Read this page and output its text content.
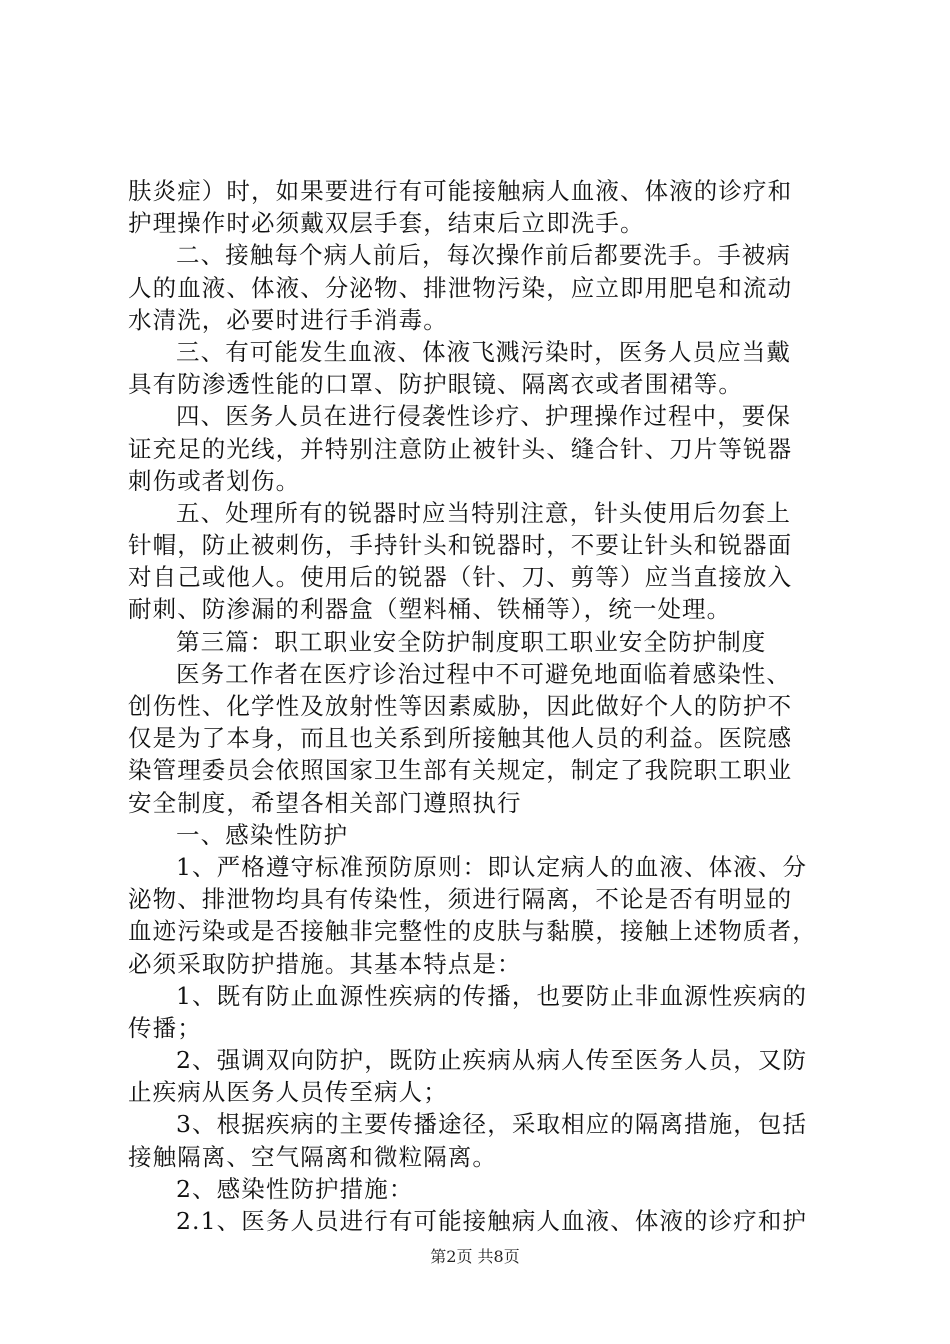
肤炎症）时，如果要进行有可能接触病人血液、体液的诊疗和
护理操作时必须戴双层手套，结束后立即洗手。
二、接触每个病人前后，每次操作前后都要洗手。手被病
人的血液、体液、分泌物、排泄物污染，应立即用肥皂和流动
水清洗，必要时进行手消毒。
三、有可能发生血液、体液飞溅污染时，医务人员应当戴
具有防渗透性能的口罩、防护眼镜、隔离衣或者围裙等。
四、医务人员在进行侵袭性诊疗、护理操作过程中，要保
证充足的光线，并特别注意防止被针头、缝合针、刀片等锐器
刺伤或者划伤。
五、处理所有的锐器时应当特别注意，针头使用后勿套上
针帽，防止被刺伤，手持针头和锐器时，不要让针头和锐器面
对自己或他人。使用后的锐器（针、刀、剪等）应当直接放入
耐刺、防渗漏的利器盒（塑料桶、铁桶等），统一处理。
第三篇：职工职业安全防护制度职工职业安全防护制度
医务工作者在医疗诊治过程中不可避免地面临着感染性、
创伤性、化学性及放射性等因素威胁，因此做好个人的防护不
仅是为了本身，而且也关系到所接触其他人员的利益。医院感
染管理委员会依照国家卫生部有关规定，制定了我院职工职业
安全制度，希望各相关部门遵照执行
一、感染性防护
1、严格遵守标准预防原则：即认定病人的血液、体液、分
泌物、排泄物均具有传染性，须进行隔离，不论是否有明显的
血迹污染或是否接触非完整性的皮肤与黏膜，接触上述物质者，
必须采取防护措施。其基本特点是：
1、既有防止血源性疾病的传播，也要防止非血源性疾病的
传播；
2、强调双向防护，既防止疾病从病人传至医务人员，又防
止疾病从医务人员传至病人；
3、根据疾病的主要传播途径，采取相应的隔离措施，包括
接触隔离、空气隔离和微粒隔离。
2、感染性防护措施：
2.1、医务人员进行有可能接触病人血液、体液的诊疗和护
第2页 共8页
